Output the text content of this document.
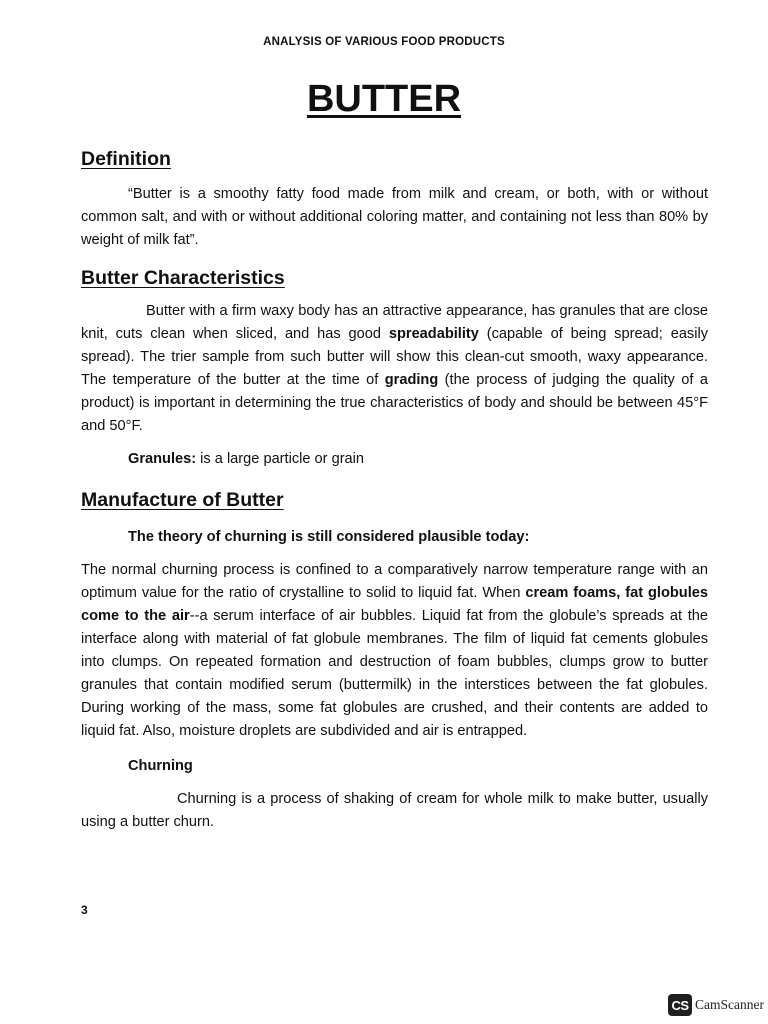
ANALYSIS OF VARIOUS FOOD PRODUCTS
BUTTER
Definition

“Butter is a smoothy fatty food made from milk and cream, or both, with or without common salt, and with or without additional coloring matter, and containing not less than 80% by weight of milk fat”.

Butter Characteristics

Butter with a firm waxy body has an attractive appearance, has granules that are close knit, cuts clean when sliced, and has good spreadability (capable of being spread; easily spread). The trier sample from such butter will show this clean-cut smooth, waxy appearance. The temperature of the butter at the time of grading (the process of judging the quality of a product) is important in determining the true characteristics of body and should be between 45°F and 50°F.

Granules: is a large particle or grain

Manufacture of Butter

The theory of churning is still considered plausible today:

The normal churning process is confined to a comparatively narrow temperature range with an optimum value for the ratio of crystalline to solid to liquid fat. When cream foams, fat globules come to the air--a serum interface of air bubbles. Liquid fat from the globule’s spreads at the interface along with material of fat globule membranes. The film of liquid fat cements globules into clumps. On repeated formation and destruction of foam bubbles, clumps grow to butter granules that contain modified serum (buttermilk) in the interstices between the fat globules. During working of the mass, some fat globules are crushed, and their contents are added to liquid fat. Also, moisture droplets are subdivided and air is entrapped.

Churning

Churning is a process of shaking of cream for whole milk to make butter, usually using a butter churn.

3
CS CamScanner
